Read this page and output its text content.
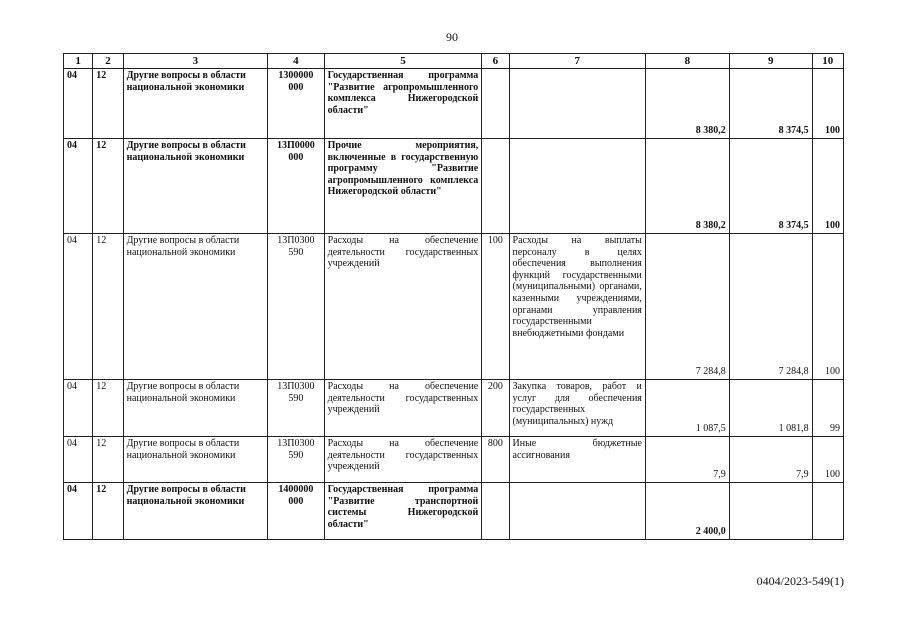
90
1	2	3	4	5	6	7	8	9	10
04	12	Другие вопросы в области национальной экономики	1300000 000	Государственная программа "Развитие агропромышленного комплекса Нижегородской области"			8 380,2	8 374,5	100
04	12	Другие вопросы в области национальной экономики	13П0000 000	Прочие мероприятия, включенные в государственную программу "Развитие агропромышленного комплекса Нижегородской области"			8 380,2	8 374,5	100
04	12	Другие вопросы в области национальной экономики	13П0300 590	Расходы на обеспечение деятельности государственных учреждений	100	Расходы на выплаты персоналу в целях обеспечения выполнения функций государственными (муниципальными) органами, казенными учреждениями, органами управления государственными внебюджетными фондами	7 284,8	7 284,8	100
04	12	Другие вопросы в области национальной экономики	13П0300 590	Расходы на обеспечение деятельности государственных учреждений	200	Закупка товаров, работ и услуг для обеспечения государственных (муниципальных) нужд	1 087,5	1 081,8	99
04	12	Другие вопросы в области национальной экономики	13П0300 590	Расходы на обеспечение деятельности государственных учреждений	800	Иные бюджетные ассигнования	7,9	7,9	100
04	12	Другие вопросы в области национальной экономики	1400000 000	Государственная программа "Развитие транспортной системы Нижегородской области"			2 400,0		
0404/2023-549(1)
